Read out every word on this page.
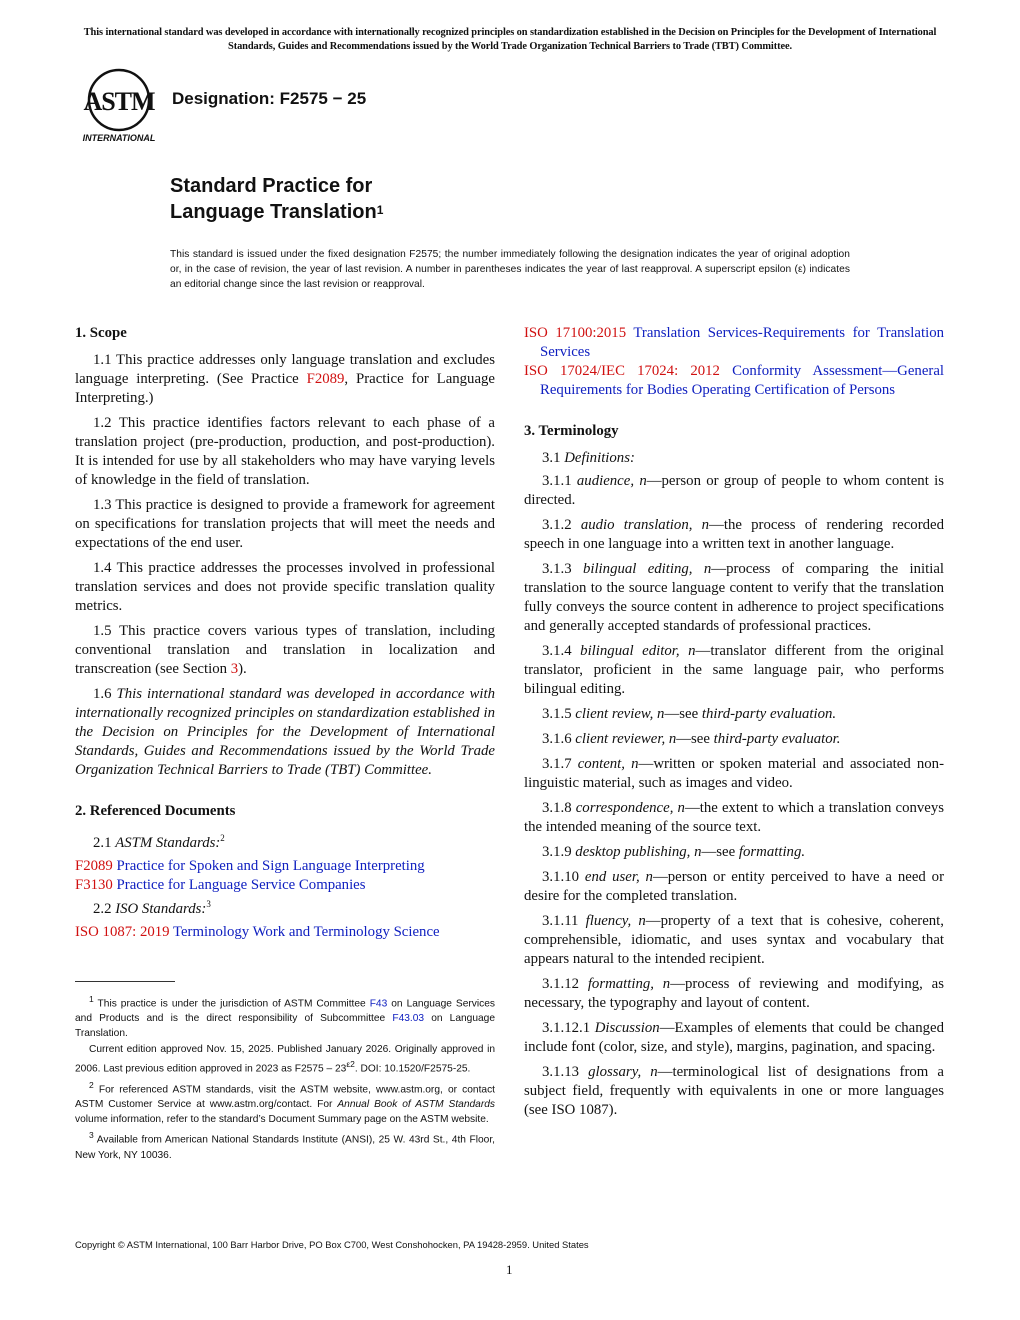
This international standard was developed in accordance with internationally recognized principles on standardization established in the Decision on Principles for the Development of International Standards, Guides and Recommendations issued by the World Trade Organization Technical Barriers to Trade (TBT) Committee.
ASTM
INTERNATIONAL
Designation: F2575 − 25
Standard Practice for
Language Translation$^1$
This standard is issued under the fixed designation F2575; the number immediately following the designation indicates the year of original adoption or, in the case of revision, the year of last revision. A number in parentheses indicates the year of last reapproval. A superscript epsilon (ε) indicates an editorial change since the last revision or reapproval.
1. Scope

1.1 This practice addresses only language translation and excludes language interpreting. (See Practice F2089, Practice for Language Interpreting.)

1.2 This practice identifies factors relevant to each phase of a translation project (pre-production, production, and post-production). It is intended for use by all stakeholders who may have varying levels of knowledge in the field of translation.

1.3 This practice is designed to provide a framework for agreement on specifications for translation projects that will meet the needs and expectations of the end user.

1.4 This practice addresses the processes involved in professional translation services and does not provide specific translation quality metrics.

1.5 This practice covers various types of translation, including conventional translation and translation in localization and transcreation (see Section 3).

1.6 This international standard was developed in accordance with internationally recognized principles on standardization established in the Decision on Principles for the Development of International Standards, Guides and Recommendations issued by the World Trade Organization Technical Barriers to Trade (TBT) Committee.

2. Referenced Documents
2.1 ASTM Standards:$^2$

F2089 Practice for Spoken and Sign Language Interpreting

F3130 Practice for Language Service Companies

2.2 ISO Standards:$^3$

ISO 1087: 2019 Terminology Work and Terminology Science

$^1$ This practice is under the jurisdiction of ASTM Committee F43 on Language Services and Products and is the direct responsibility of Subcommittee F43.03 on Language Translation.

Current edition approved Nov. 15, 2025. Published January 2026. Originally approved in 2006. Last previous edition approved in 2023 as $F2575 - 23^{\varepsilon 2}$. DOI: 10.1520/F2575-25.

$^2$ For referenced ASTM standards, visit the ASTM website, www.astm.org, or contact ASTM Customer Service at www.astm.org/contact. For Annual Book of ASTM Standards volume information, refer to the standard’s Document Summary page on the ASTM website.

$^3$ Available from American National Standards Institute (ANSI), 25 W. 43rd St., 4th Floor, New York, NY 10036.

ISO 17100:2015 Translation Services-Requirements for Translation Services

ISO 17024/IEC 17024: 2012 Conformity Assessment—General Requirements for Bodies Operating Certification of Persons

3. Terminology
3.1 Definitions:

3.1.1 audience, n—person or group of people to whom content is directed.

3.1.2 audio translation, n—the process of rendering recorded speech in one language into a written text in another language.

3.1.3 bilingual editing, n—process of comparing the initial translation to the source language content to verify that the translation fully conveys the source content in adherence to project specifications and generally accepted standards of professional practices.

3.1.4 bilingual editor, n—translator different from the original translator, proficient in the same language pair, who performs bilingual editing.

3.1.5 client review, n—see third-party evaluation.

3.1.6 client reviewer, n—see third-party evaluator.

3.1.7 content, n—written or spoken material and associated non-linguistic material, such as images and video.

3.1.8 correspondence, n—the extent to which a translation conveys the intended meaning of the source text.

3.1.9 desktop publishing, n—see formatting.

3.1.10 end user, n—person or entity perceived to have a need or desire for the completed translation.

3.1.11 fluency, n—property of a text that is cohesive, coherent, comprehensible, idiomatic, and uses syntax and vocabulary that appears natural to the intended recipient.

3.1.12 formatting, n—process of reviewing and modifying, as necessary, the typography and layout of content.

3.1.12.1 Discussion—Examples of elements that could be changed include font (color, size, and style), margins, pagination, and spacing.

3.1.13 glossary, n—terminological list of designations from a subject field, frequently with equivalents in one or more languages (see ISO 1087).

Copyright © ASTM International, 100 Barr Harbor Drive, PO Box C700, West Conshohocken, PA 19428-2959. United States
1
